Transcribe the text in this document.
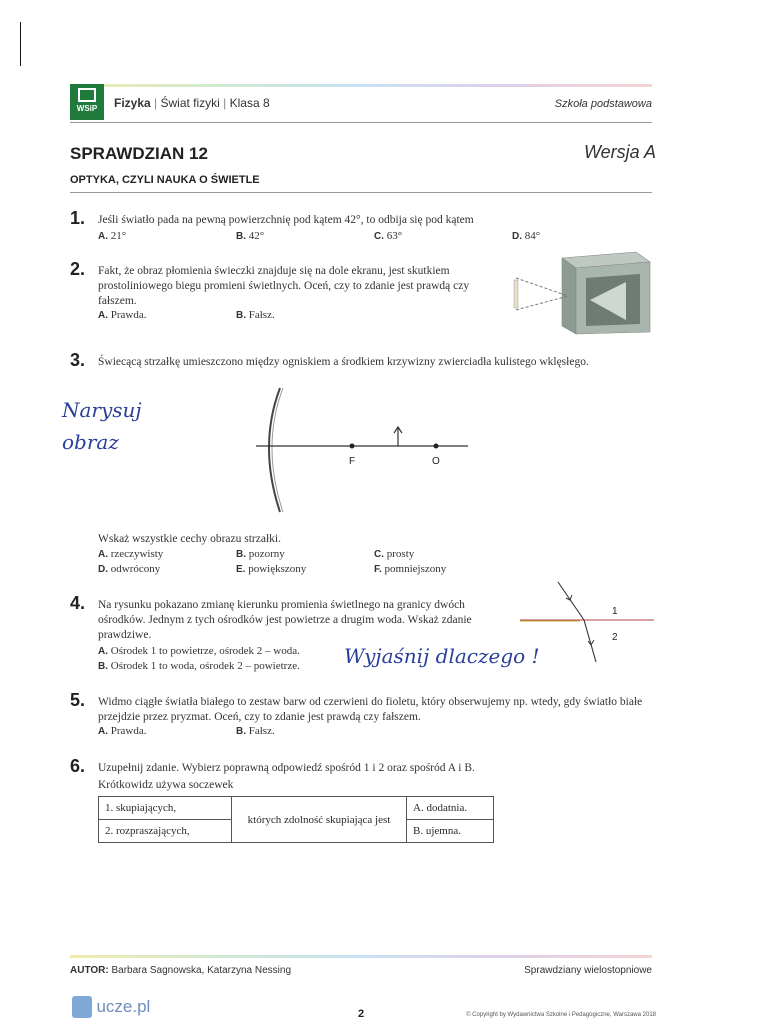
WSiP	Fizyka | Świat fizyki | Klasa 8	Szkoła podstawowa
SPRAWDZIAN 12	Wersja A
OPTYKA, CZYLI NAUKA O ŚWIETLE
1. Jeśli światło pada na pewną powierzchnię pod kątem 42°, to odbija się pod kątem
A. 21°	B. 42°	C. 63°	D. 84°
2. Fakt, że obraz płomienia świeczki znajduje się na dole ekranu, jest skutkiem prostoliniowego biegu promieni świetlnych. Oceń, czy to zdanie jest prawdą czy fałszem.
A. Prawda.	B. Fałsz.
3. Świecącą strzałkę umieszczono między ogniskiem a środkiem krzywizny zwierciadła kulistego wklęsłego.
Narysuj obraz
F	O
Wskaż wszystkie cechy obrazu strzałki.
A. rzeczywisty	B. pozorny	C. prosty
D. odwrócony	E. powiększony	F. pomniejszony
4. Na rysunku pokazano zmianę kierunku promienia świetlnego na granicy dwóch ośrodków. Jednym z tych ośrodków jest powietrze a drugim woda. Wskaż zdanie prawdziwe.
A. Ośrodek 1 to powietrze, ośrodek 2 – woda.
B. Ośrodek 1 to woda, ośrodek 2 – powietrze. Wyjaśnij dlaczego !
1
2
5. Widmo ciągłe światła białego to zestaw barw od czerwieni do fioletu, który obserwujemy np. wtedy, gdy światło białe przejdzie przez pryzmat. Oceń, czy to zdanie jest prawdą czy fałszem.
A. Prawda.	B. Fałsz.
6. Uzupełnij zdanie. Wybierz poprawną odpowiedź spośród 1 i 2 oraz spośród A i B.
Krótkowidz używa soczewek
1. skupiających,	których zdolność skupiająca jest	A. dodatnia.
2. rozpraszających,		B. ujemna.
AUTOR: Barbara Sagnowska, Katarzyna Nessing	Sprawdziany wielostopniowe
ucze.pl	2	© Copyright by Wydawnictwa Szkolne i Pedagogiczne, Warszawa 2018
